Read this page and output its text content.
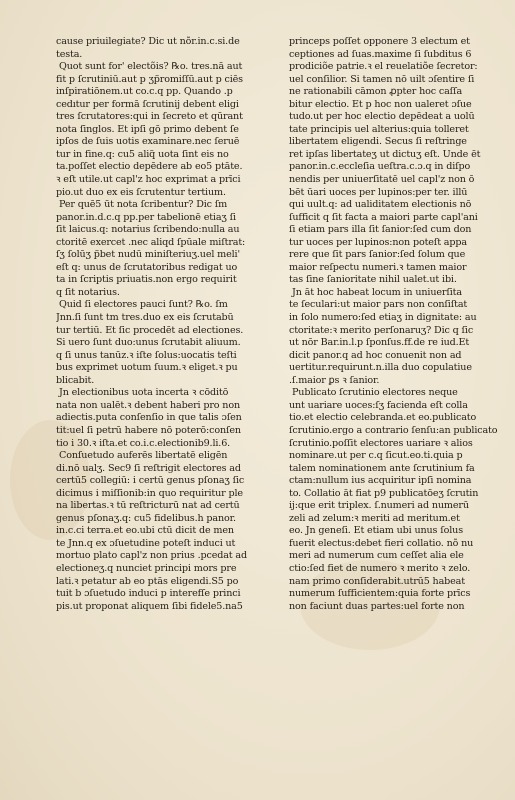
cause priuilegiate? Dic ut nõr.in.c.si.de
testa.
Quot sunt for' electõis? ℞o. tres.nā aut
fit p ſcrutiniū.aut p ʒp̃romiſſū.aut p ciēs
inſpiratiōnem.ut co.c.q pp. Quando .p
cedıtur per formā ſcrutinij debent eligi
tres ſcrutatores:qui in ſecreto et qūrant
nota ſinglos. Et ipſi gō primo debent ſe
ipſos de ſuis uotis examinare.nec ſeruē
tur in fine.q: cu5 aliq̃ uota ſint eis no
ta.poſſet electio depēdere ab eo5 ptāte.
ꝛ eſt utile.ut capl'z hoc exprimat a prīci
pio.ut duo ex eis ſcrutentur tertium.
Per quē5 ūt nota ſcribentur? Dic ſm
panor.in.d.c.q pp.per tabelionē etiaʒ ſi
ſit laicus.q: notarius ſcribendo:nulla au
ctoritē exercet .nec aliqd ſpūale miſtrat:
ſʒ ſolūʒ p̃bet nudū miniſteriuʒ.uel meli'
eſt q: unus de ſcrutatoribus redigat uo
ta in ſcriptis priuatis.non ergo requirit
q ſit notarius.
Quid ſi electores pauci ſunt? ℞o. ſm
Jnn.ſi ſunt tm tres.duo ex eis ſcrutabū
tur tertiū. Et ſic procedēt ad electiones.
Si uero ſunt duo:unus ſcrutabit aliuum.
q ſi unus tanūz.ꝛ iſte ſolus:uocatis teſti
bus exprimet uotum ſuum.ꝛ eliget.ꝛ pu
blicabit.
Jn electionibus uota incerta ꝛ cōditō
nata non ualēt.ꝛ debent haberi pro non
adiectis.puta conſenſio in que talis ɔſen
tit:uel ſi petrū habere nō poterō:conſen
tio i 30.ꝛ iſta.et co.i.c.electionib9.li.6.
Conſuetudo auferēs libertatē eligēn
di.nō ualʒ. Sec9 ſi reſtrigit electores ad
certū5 collegiū: i certū genus pſonaʒ ſic
dicimus i miſſionib:in quo requiritur ple
na libertas.ꝛ tū reſtricturū nat ad certū
genus pſonaʒ.q: cu5 fidelibus.h panor.
in.c.ci terra.et eo.ubi ctū dicit de men
te Jnn.q ex ɔſuetudine poteſt induci ut
mortuo plato capl'z non prius .pcedat ad
electioneʒ.q nunciet principi mors pre
lati.ꝛ petatur ab eo ptās eligendi.S5 po
tuit b ɔſuetudo induci p interefſe princi
pis.ut proponat aliquem ſibi fidele5.na5
princeps poſſet opponere 3 electum et
ceptiones ad ſuas.maxime ſi ſubditus 6
prodiciõe patrie.ꝛ el reuelatiõe ſecretor:
uel conſilior. Si tamen nō uilt ɔſentire ſi
ne rationabili cāmon ꝓpter hoc caſſa
bitur electio. Et p hoc non ualeret ɔſue
tudo.ut per hoc electio depēdeat a uolū
tate principis uel alterius:quia tolleret
libertatem eligendi. Secus ſi reſtringe
ret ipſas libertateʒ ut dictuʒ eſt. Unde ēt
panor.in.c.eccleſia ueſtra.c.ɔ.q in diſpo
nendis per uniuerſitatē uel capl'z non ō
bēt ūari uoces per lupinos:per ter. illū
qui uult.q: ad ualiditatem electionis nō
ſufficit q ſit facta a maiori parte capl'ani
ſi etiam pars illa ſit ſanior:ſed cum don
tur uoces per lupinos:non poteſt appa
rere que ſit pars ſanior:ſed ſolum que
maior reſpectu numeri.ꝛ tamen maior
tas ſine ſanioritate nihil ualet.ut ibi.
Jn āt hoc habeat locum in uniuerſita
te ſeculari:ut maior pars non conſiſtat
in ſolo numero:ſed etiaʒ in dignitate: au
ctoritate:ꝛ merito perſonaruʒ? Dic q ſic
ut nōr Bar.in.l.p ſponſus.ff.de re iud.Et
dicit panor.q ad hoc conuenit non ad
uertitur.requirunt.n.illa duo copulatiue
.ſ.maior ꝑs ꝛ ſanior.
Publicato ſcrutinio electores neque
unt uariare uoces:ſʒ facienda eſt colla
tio.et electio celebranda.et eo.publicato
ſcrutinio.ergo a contrario ſenſu:an publicato
ſcrutinio.poſſit electores uariare ꝛ alios
nominare.ut per c.q ſicut.eo.ti.quia p
talem nominationem ante ſcrutinium fa
ctam:nullum ius acquiritur ipſi nomina
to. Collatio āt fiat p9 publicatōeʒ ſcrutin
ij:que erit triplex. ſ.numeri ad numerū
zeli ad zelum:ꝛ meriti ad meritum.et
eo. Jn geneſi. Et etiam ubi unus ſolus
fuerit electus:debet fieri collatio. nõ nu
meri ad numerum cum ceſſet alia ele
ctio:ſed fiet de numero ꝛ merito ꝛ zelo.
nam primo conſiderabit.utrū5 habeat
numerum ſufficientem:quia forte prīcs
non faciunt duas partes:uel forte non
